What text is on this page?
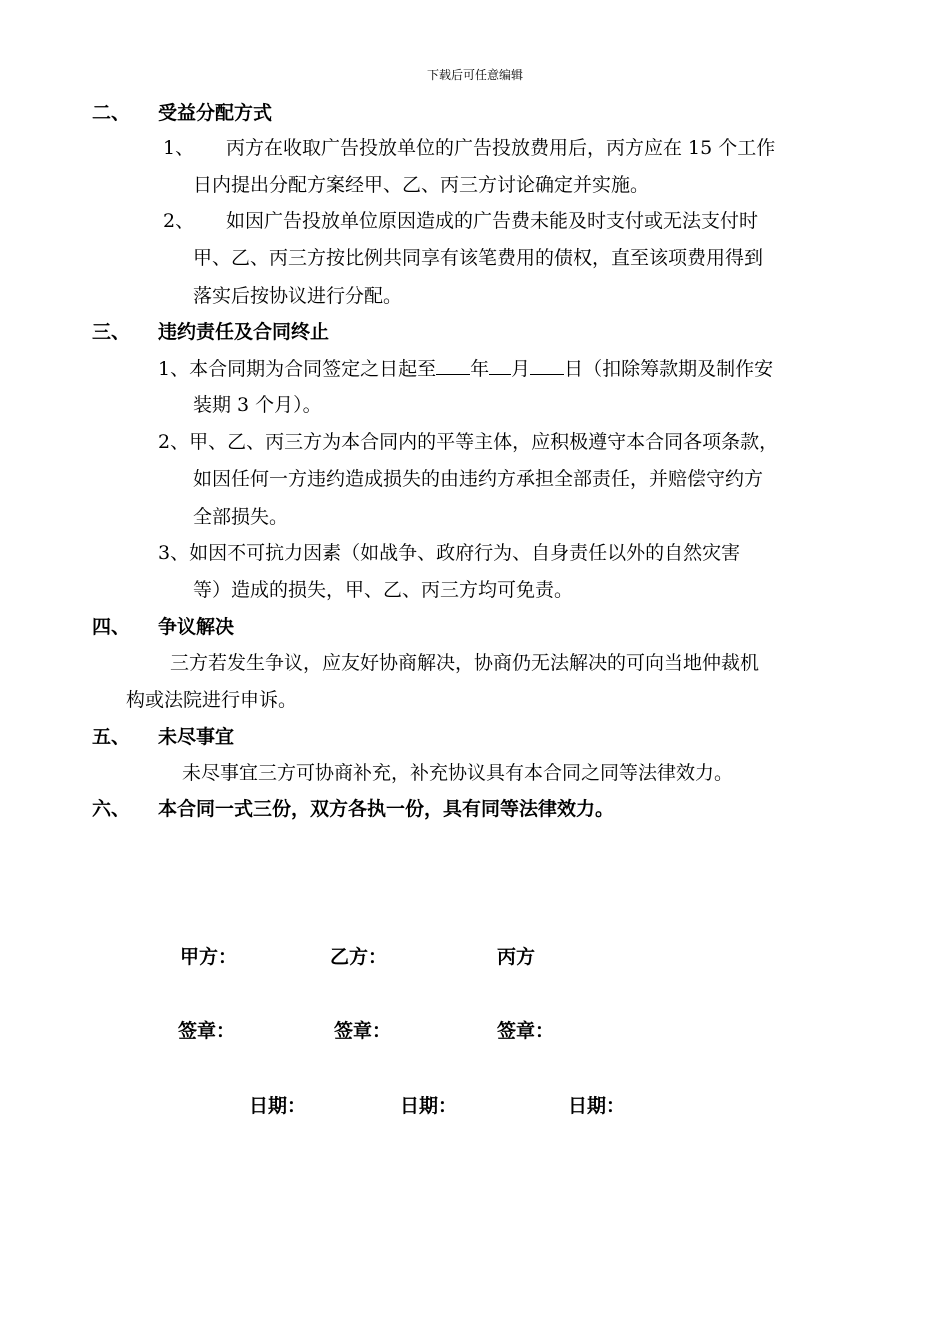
下载后可任意编辑
二、 受益分配方式
1、 丙方在收取广告投放单位的广告投放费用后，丙方应在 15 个工作
日内提出分配方案经甲、乙、丙三方讨论确定并实施。
2、 如因广告投放单位原因造成的广告费未能及时支付或无法支付时
甲、乙、丙三方按比例共同享有该笔费用的债权，直至该项费用得到
落实后按协议进行分配。
三、 违约责任及合同终止
1、本合同期为合同签定之日起至 年 月 日（扣除筹款期及制作安
装期 3 个月）。
2、甲、乙、丙三方为本合同内的平等主体，应积极遵守本合同各项条款，
如因任何一方违约造成损失的由违约方承担全部责任，并赔偿守约方
全部损失。
3、如因不可抗力因素（如战争、政府行为、自身责任以外的自然灾害
等）造成的损失，甲、乙、丙三方均可免责。
四、 争议解决
三方若发生争议，应友好协商解决，协商仍无法解决的可向当地仲裁机
构或法院进行申诉。
五、 未尽事宜
未尽事宜三方可协商补充，补充协议具有本合同之同等法律效力。
六、 本合同一式三份，双方各执一份，具有同等法律效力。
甲方：	乙方：	丙方
签章：	签章：	签章：
日期：	日期：	日期：
